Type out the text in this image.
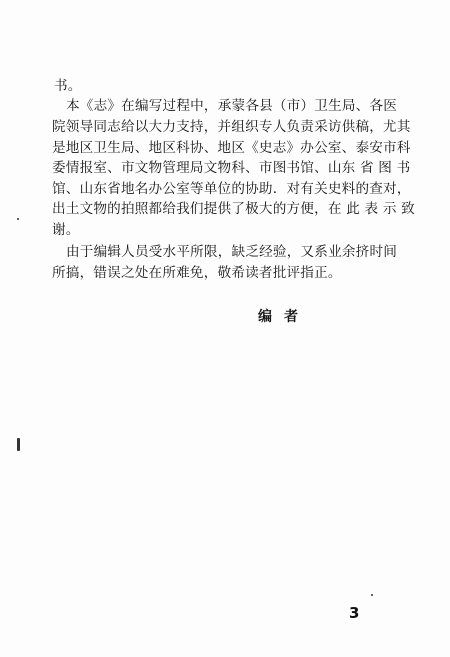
书。
本《志》在编写过程中，承蒙各县（市）卫生局、各医
院领导同志给以大力支持，并组织专人负责采访供稿，尤其
是地区卫生局、地区科协、地区《史志》办公室、泰安市科
委情报室、市文物管理局文物科、市图书馆、山东 省 图 书
馆、山东省地名办公室等单位的协助．对有关史料的查对，
出土文物的拍照都给我们提供了极大的方便，在 此 表 示 致
谢。
由于编辑人员受水平所限，缺乏经验，又系业余挤时间
所搞，错误之处在所难免，敬希读者批评指正。
编者
3
